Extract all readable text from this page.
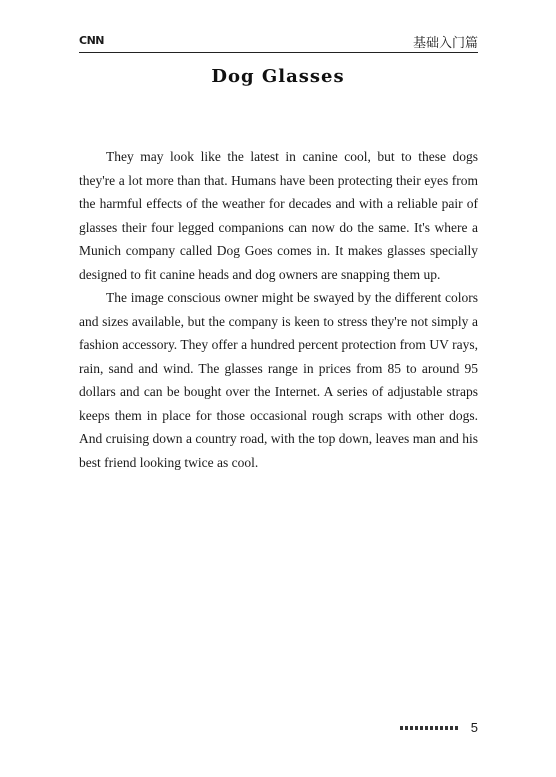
CNN	基础入门篇
Dog Glasses

They may look like the latest in canine cool, but to these dogs they're a lot more than that. Humans have been protecting their eyes from the harmful effects of the weather for decades and with a reliable pair of glasses their four legged companions can now do the same. It's where a Munich company called Dog Goes comes in. It makes glasses specially designed to fit canine heads and dog owners are snapping them up.

The image conscious owner might be swayed by the different colors and sizes available, but the company is keen to stress they're not simply a fashion accessory. They offer a hundred percent protection from UV rays, rain, sand and wind. The glasses range in prices from 85 to around 95 dollars and can be bought over the Internet. A series of adjustable straps keeps them in place for those occasional rough scraps with other dogs. And cruising down a country road, with the top down, leaves man and his best friend looking twice as cool.

5
